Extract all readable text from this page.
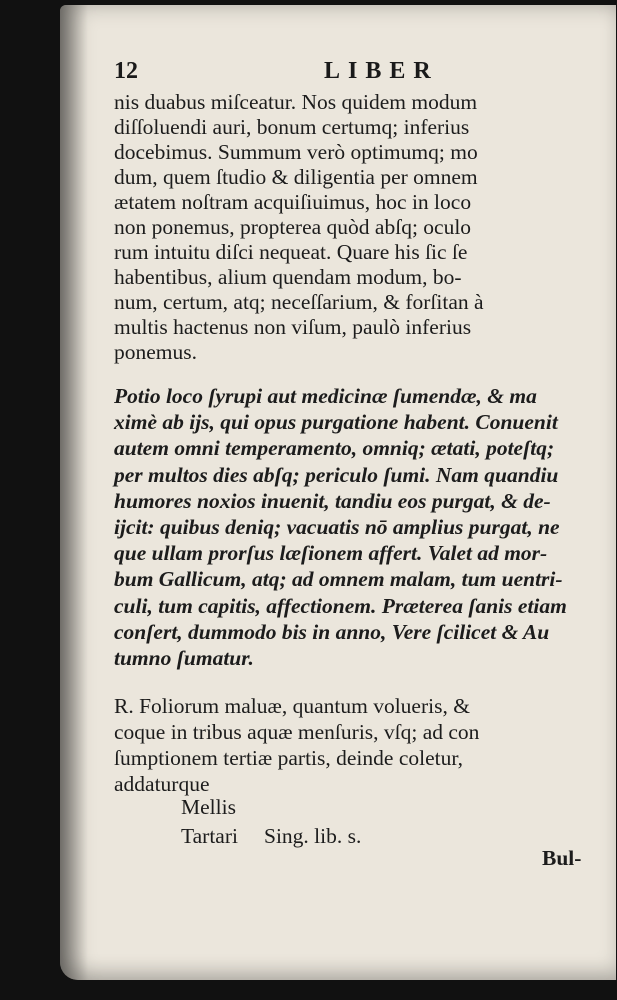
12	LIBER
nis duabus miſceatur. Nos quidem modum
diſſoluendi auri, bonum certumq; inferius
docebimus. Summum verò optimumq; mo
dum, quem ſtudio & diligentia per omnem
ætatem noſtram acquiſiuimus, hoc in loco
non ponemus, propterea quòd abſq; oculo
rum intuitu diſci nequeat. Quare his ſic ſe
habentibus, alium quendam modum, bo-
num, certum, atq; neceſſarium, & forſitan à
multis hactenus non viſum, paulò inferius
ponemus.
Potio loco ſyrupi aut medicinæ ſumendæ, & ma
ximè ab ijs, qui opus purgatione habent. Conuenit
autem omni temperamento, omniq; ætati, poteſtq;
per multos dies abſq; periculo ſumi. Nam quandiu
humores noxios inuenit, tandiu eos purgat, & de-
ijcit: quibus deniq; vacuatis nō amplius purgat, ne
que ullam prorſus læſionem affert. Valet ad mor-
bum Gallicum, atq; ad omnem malam, tum uentri-
culi, tum capitis, affectionem. Præterea ſanis etiam
conſert, dummodo bis in anno, Vere ſcilicet & Au
tumno ſumatur.
R. Foliorum maluæ, quantum volueris, &
coque in tribus aquæ menſuris, vſq; ad con
ſumptionem tertiæ partis, deinde coletur,
addaturque
Mellis
Tartari Sing. lib. s.
Bul-
